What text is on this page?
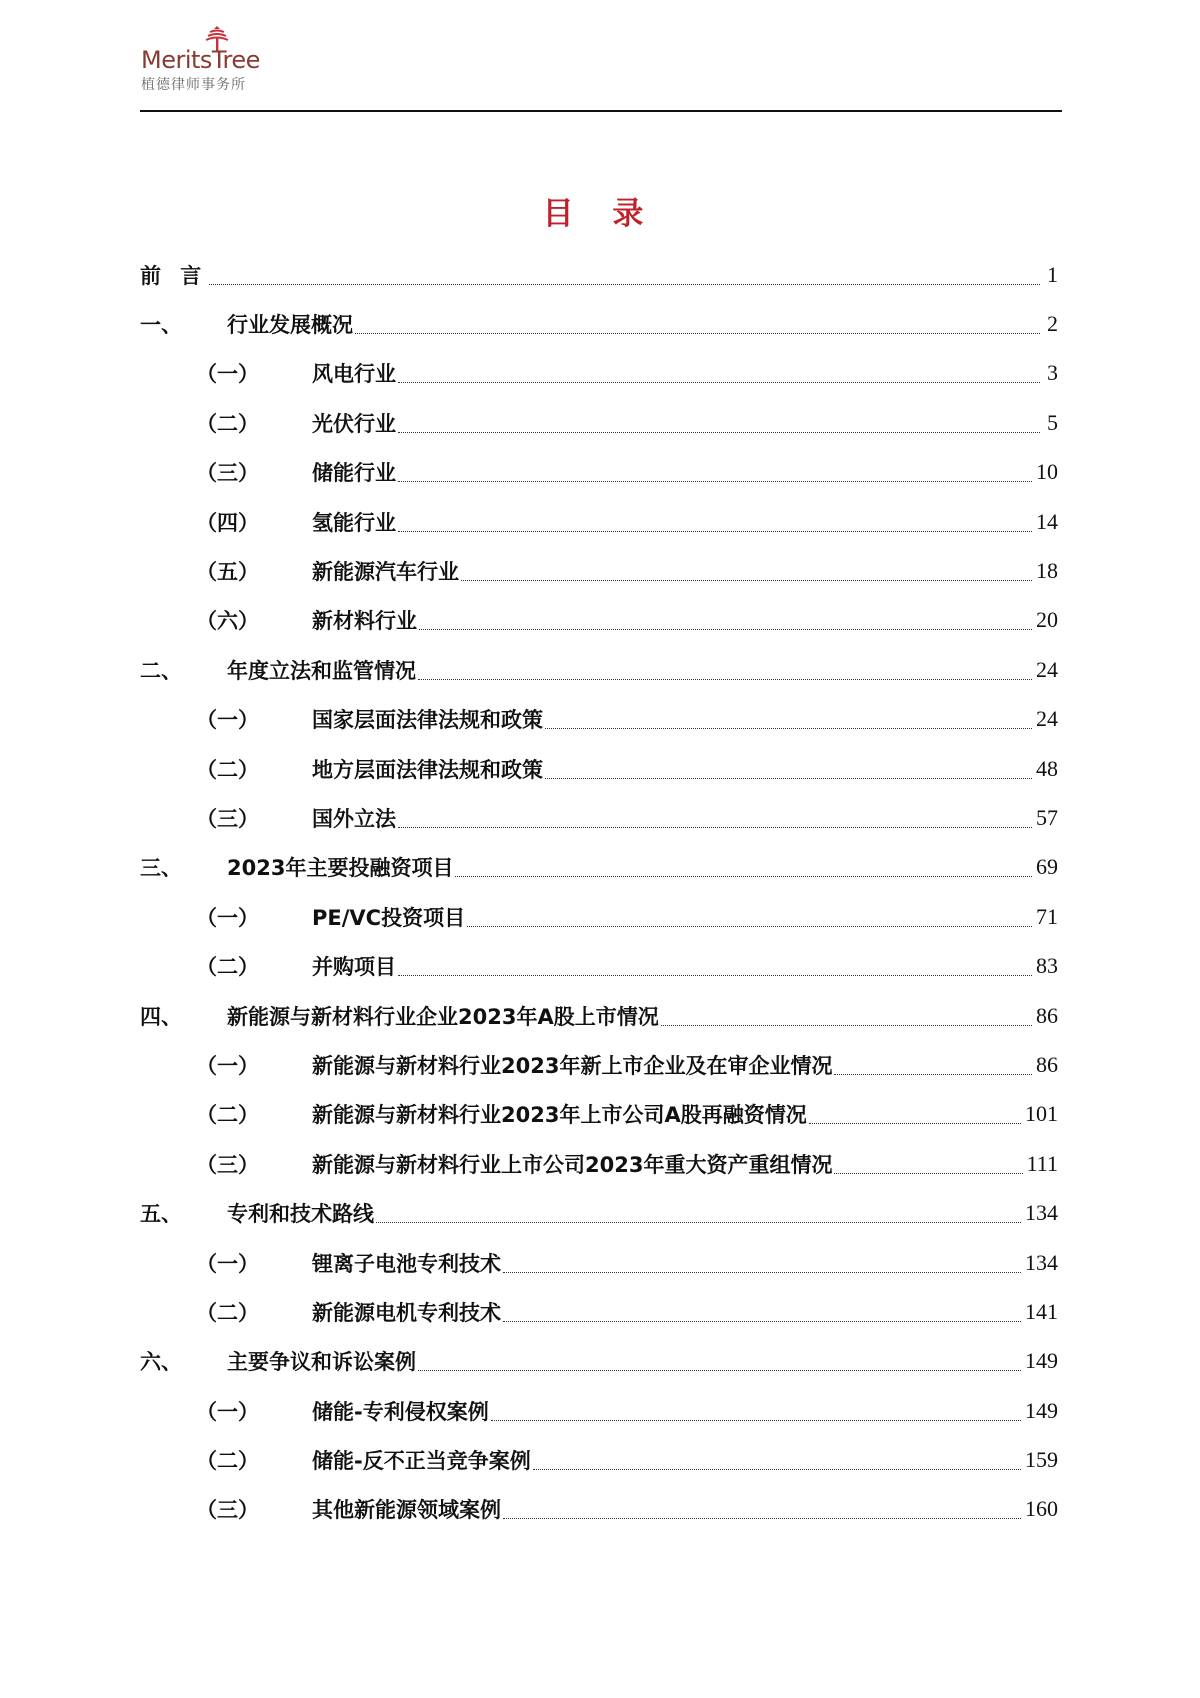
MeritsTree
植德律师事务所
目 录
前 言	1
一、	行业发展概况	2
（一）	风电行业	3
（二）	光伏行业	5
（三）	储能行业	10
（四）	氢能行业	14
（五）	新能源汽车行业	18
（六）	新材料行业	20
二、	年度立法和监管情况	24
（一）	国家层面法律法规和政策	24
（二）	地方层面法律法规和政策	48
（三）	国外立法	57
三、	2023年主要投融资项目	69
（一）	PE/VC投资项目	71
（二）	并购项目	83
四、	新能源与新材料行业企业2023年A股上市情况	86
（一）	新能源与新材料行业2023年新上市企业及在审企业情况	86
（二）	新能源与新材料行业2023年上市公司A股再融资情况	101
（三）	新能源与新材料行业上市公司2023年重大资产重组情况	111
五、	专利和技术路线	134
（一）	锂离子电池专利技术	134
（二）	新能源电机专利技术	141
六、	主要争议和诉讼案例	149
（一）	储能-专利侵权案例	149
（二）	储能-反不正当竞争案例	159
（三）	其他新能源领域案例	160
